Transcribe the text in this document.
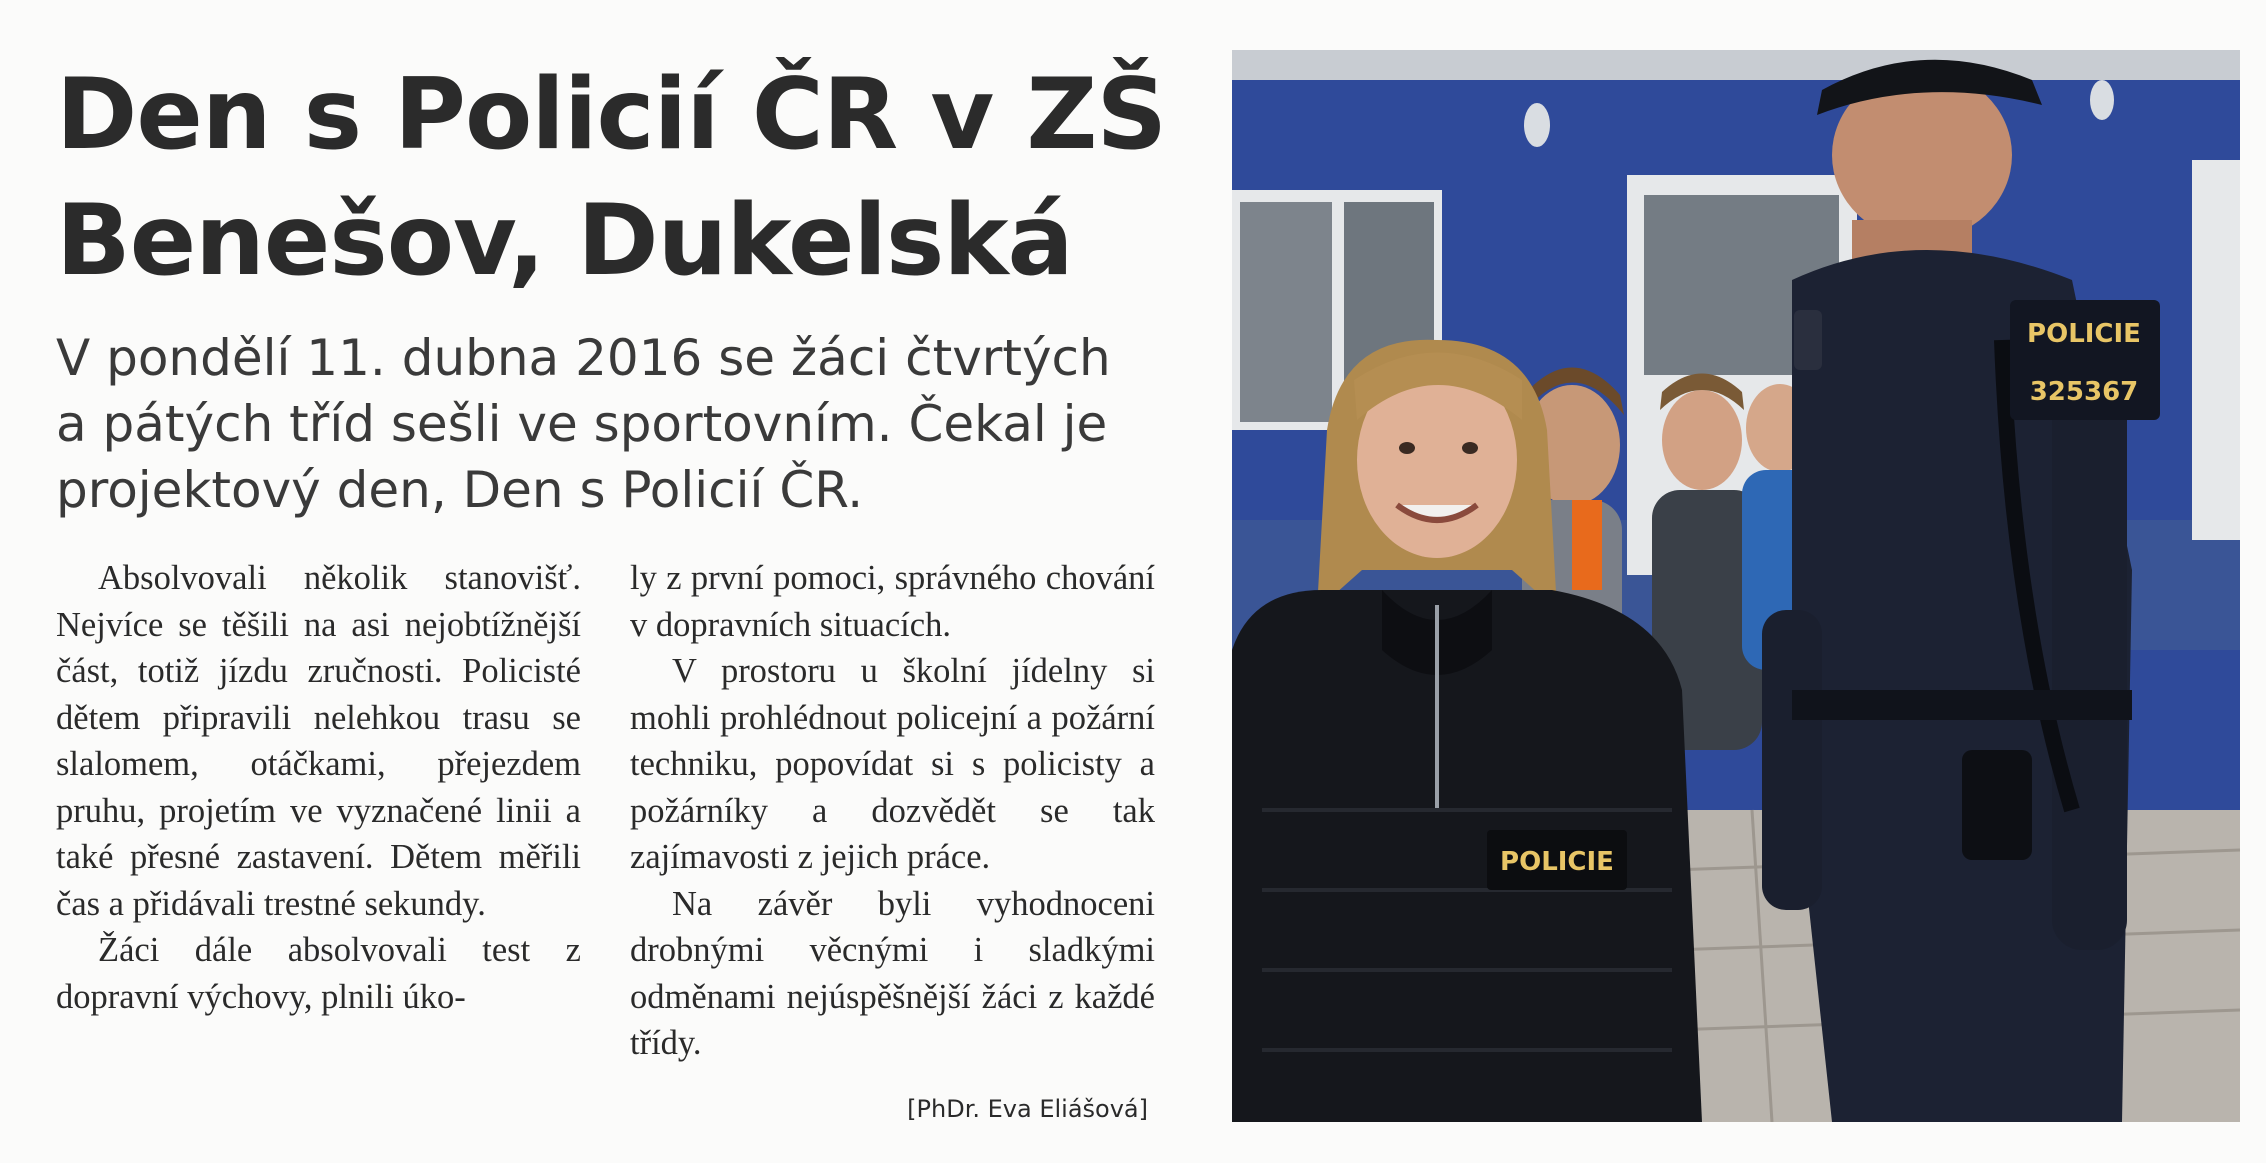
Den s Policií ČR v ZŠ Benešov, Dukelská

V pondělí 11. dubna 2016 se žáci čtvrtých a pátých tříd sešli ve sportovním. Čekal je projektový den, Den s Policií ČR.

Absolvovali několik stanovišť. Nejvíce se těšili na asi nejobtížnější část, totiž jízdu zručnosti. Policisté dětem připravili nelehkou trasu se slalomem, otáčkami, přejezdem pruhu, projetím ve vyznačené linii a také přesné zastavení. Dětem měřili čas a přidávali trestné sekundy.

Žáci dále absolvovali test z dopravní výchovy, plnili úko-

ly z první pomoci, správného chování v dopravních situacích.

V prostoru u školní jídelny si mohli prohlédnout policejní a požární techniku, popovídat si s policisty a požárníky a dozvědět se tak zajímavosti z jejich práce.

Na závěr byli vyhodnoceni drobnými věcnými i sladkými odměnami nejúspěšnější žáci z každé třídy.

[PhDr. Eva Eliášová]
POLICIE
325367
POLICIE
